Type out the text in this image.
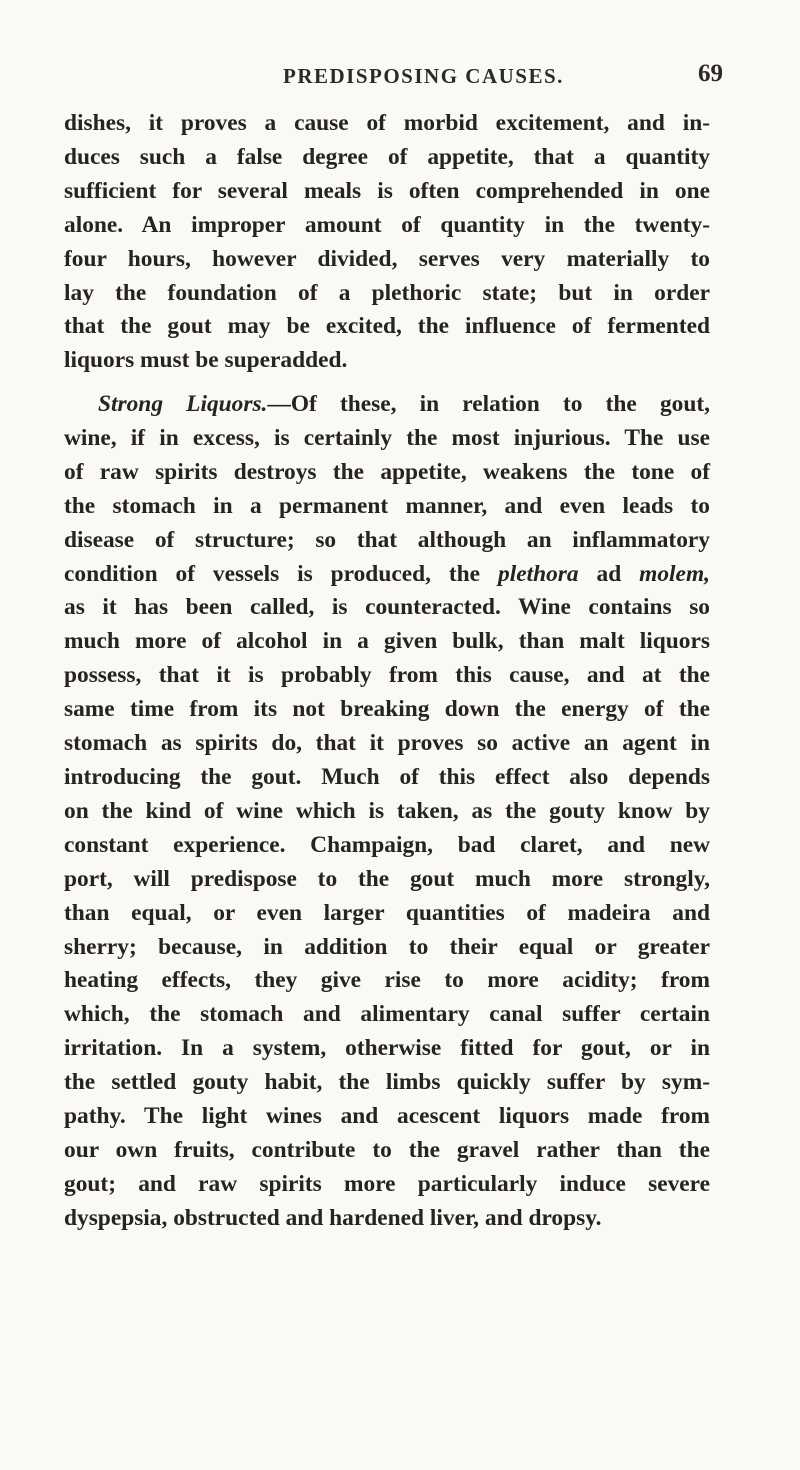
PREDISPOSING CAUSES.	69
dishes, it proves a cause of morbid excitement, and in-
duces such a false degree of appetite, that a quantity
sufficient for several meals is often comprehended in one
alone. An improper amount of quantity in the twenty-
four hours, however divided, serves very materially to
lay the foundation of a plethoric state; but in order
that the gout may be excited, the influence of fermented
liquors must be superadded.
Strong Liquors.—Of these, in relation to the gout,
wine, if in excess, is certainly the most injurious. The use
of raw spirits destroys the appetite, weakens the tone of
the stomach in a permanent manner, and even leads to
disease of structure; so that although an inflammatory
condition of vessels is produced, the plethora ad molem,
as it has been called, is counteracted. Wine contains so
much more of alcohol in a given bulk, than malt liquors
possess, that it is probably from this cause, and at the
same time from its not breaking down the energy of the
stomach as spirits do, that it proves so active an agent in
introducing the gout. Much of this effect also depends
on the kind of wine which is taken, as the gouty know by
constant experience. Champaign, bad claret, and new
port, will predispose to the gout much more strongly,
than equal, or even larger quantities of madeira and
sherry; because, in addition to their equal or greater
heating effects, they give rise to more acidity; from
which, the stomach and alimentary canal suffer certain
irritation. In a system, otherwise fitted for gout, or in
the settled gouty habit, the limbs quickly suffer by sym-
pathy. The light wines and acescent liquors made from
our own fruits, contribute to the gravel rather than the
gout; and raw spirits more particularly induce severe
dyspepsia, obstructed and hardened liver, and dropsy.
